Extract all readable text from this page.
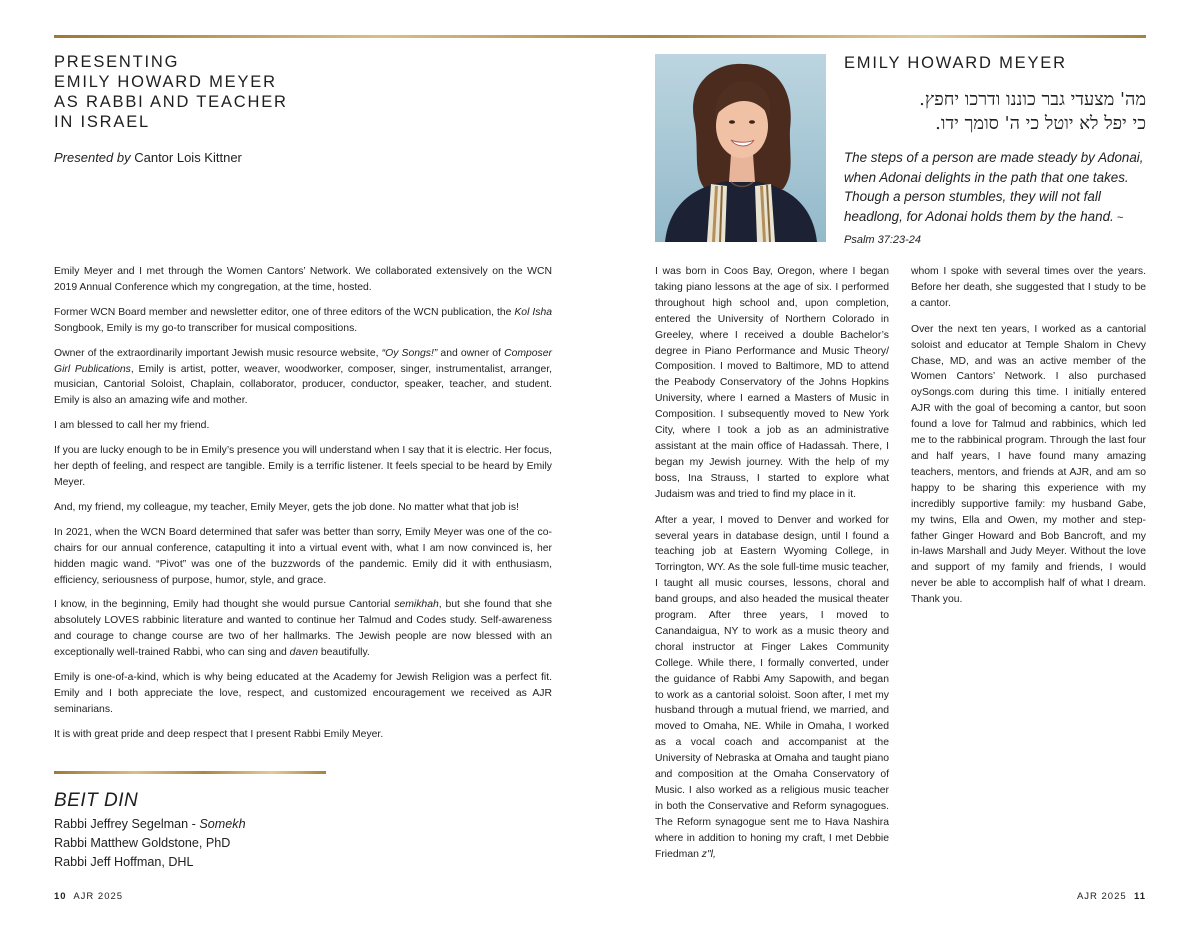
PRESENTING
EMILY HOWARD MEYER
AS RABBI AND TEACHER
IN ISRAEL
Presented by Cantor Lois Kittner

Emily Meyer and I met through the Women Cantors’ Network. We collaborated extensively on the WCN 2019 Annual Conference which my congregation, at the time, hosted.

Former WCN Board member and newsletter editor, one of three editors of the WCN publication, the Kol Isha Songbook, Emily is my go-to transcriber for musical compositions.

Owner of the extraordinarily important Jewish music resource website, “Oy Songs!” and owner of Composer Girl Publications, Emily is artist, potter, weaver, woodworker, composer, singer, instrumentalist, arranger, musician, Cantorial Soloist, Chaplain, collaborator, producer, conductor, speaker, teacher, and student. Emily is also an amazing wife and mother.

I am blessed to call her my friend.

If you are lucky enough to be in Emily’s presence you will understand when I say that it is electric. Her focus, her depth of feeling, and respect are tangible. Emily is a terrific listener. It feels special to be heard by Emily Meyer.

And, my friend, my colleague, my teacher, Emily Meyer, gets the job done. No matter what that job is!

In 2021, when the WCN Board determined that safer was better than sorry, Emily Meyer was one of the co-chairs for our annual conference, catapulting it into a virtual event with, what I am now convinced is, her hidden magic wand. “Pivot” was one of the buzzwords of the pandemic. Emily did it with enthusiasm, efficiency, seriousness of purpose, humor, style, and grace.

I know, in the beginning, Emily had thought she would pursue Cantorial semikhah, but she found that she absolutely LOVES rabbinic literature and wanted to continue her Talmud and Codes study. Self-awareness and courage to change course are two of her hallmarks. The Jewish people are now blessed with an exceptionally well-trained Rabbi, who can sing and daven beautifully.

Emily is one-of-a-kind, which is why being educated at the Academy for Jewish Religion was a perfect fit. Emily and I both appreciate the love, respect, and customized encouragement we received as AJR seminarians.

It is with great pride and deep respect that I present Rabbi Emily Meyer.

BEIT DIN
Rabbi Jeffrey Segelman - Somekh
Rabbi Matthew Goldstone, PhD
Rabbi Jeff Hoffman, DHL
10 AJR 2025
EMILY HOWARD MEYER
מה' מצעדי גבר כוננו ודרכו יחפץ.
כי יפל לא יוטל כי ה' סומך ידו.
The steps of a person are made steady by Adonai, when Adonai delights in the path that one takes. Though a person stumbles, they will not fall headlong, for Adonai holds them by the hand. ~ Psalm 37:23-24

I was born in Coos Bay, Oregon, where I began taking piano lessons at the age of six. I performed throughout high school and, upon completion, entered the University of Northern Colorado in Greeley, where I received a double Bachelor’s degree in Piano Performance and Music Theory/ Composition. I moved to Baltimore, MD to attend the Peabody Conservatory of the Johns Hopkins University, where I earned a Masters of Music in Composition. I subsequently moved to New York City, where I took a job as an administrative assistant at the main office of Hadassah. There, I began my Jewish journey. With the help of my boss, Ina Strauss, I started to explore what Judaism was and tried to find my place in it.

After a year, I moved to Denver and worked for several years in database design, until I found a teaching job at Eastern Wyoming College, in Torrington, WY. As the sole full-time music teacher, I taught all music courses, lessons, choral and band groups, and also headed the musical theater program. After three years, I moved to Canandaigua, NY to work as a music theory and choral instructor at Finger Lakes Community College. While there, I formally converted, under the guidance of Rabbi Amy Sapowith, and began to work as a cantorial soloist. Soon after, I met my husband through a mutual friend, we married, and moved to Omaha, NE. While in Omaha, I worked as a vocal coach and accompanist at the University of Nebraska at Omaha and taught piano and composition at the Omaha Conservatory of Music. I also worked as a religious music teacher in both the Conservative and Reform synagogues. The Reform synagogue sent me to Hava Nashira where in addition to honing my craft, I met Debbie Friedman z"l,

whom I spoke with several times over the years. Before her death, she suggested that I study to be a cantor.

Over the next ten years, I worked as a cantorial soloist and educator at Temple Shalom in Chevy Chase, MD, and was an active member of the Women Cantors’ Network. I also purchased oySongs.com during this time. I initially entered AJR with the goal of becoming a cantor, but soon found a love for Talmud and rabbinics, which led me to the rabbinical program. Through the last four and half years, I have found many amazing teachers, mentors, and friends at AJR, and am so happy to be sharing this experience with my incredibly supportive family: my husband Gabe, my twins, Ella and Owen, my mother and step-father Ginger Howard and Bob Bancroft, and my in-laws Marshall and Judy Meyer. Without the love and support of my family and friends, I would never be able to accomplish half of what I dream. Thank you.

AJR 2025 11
